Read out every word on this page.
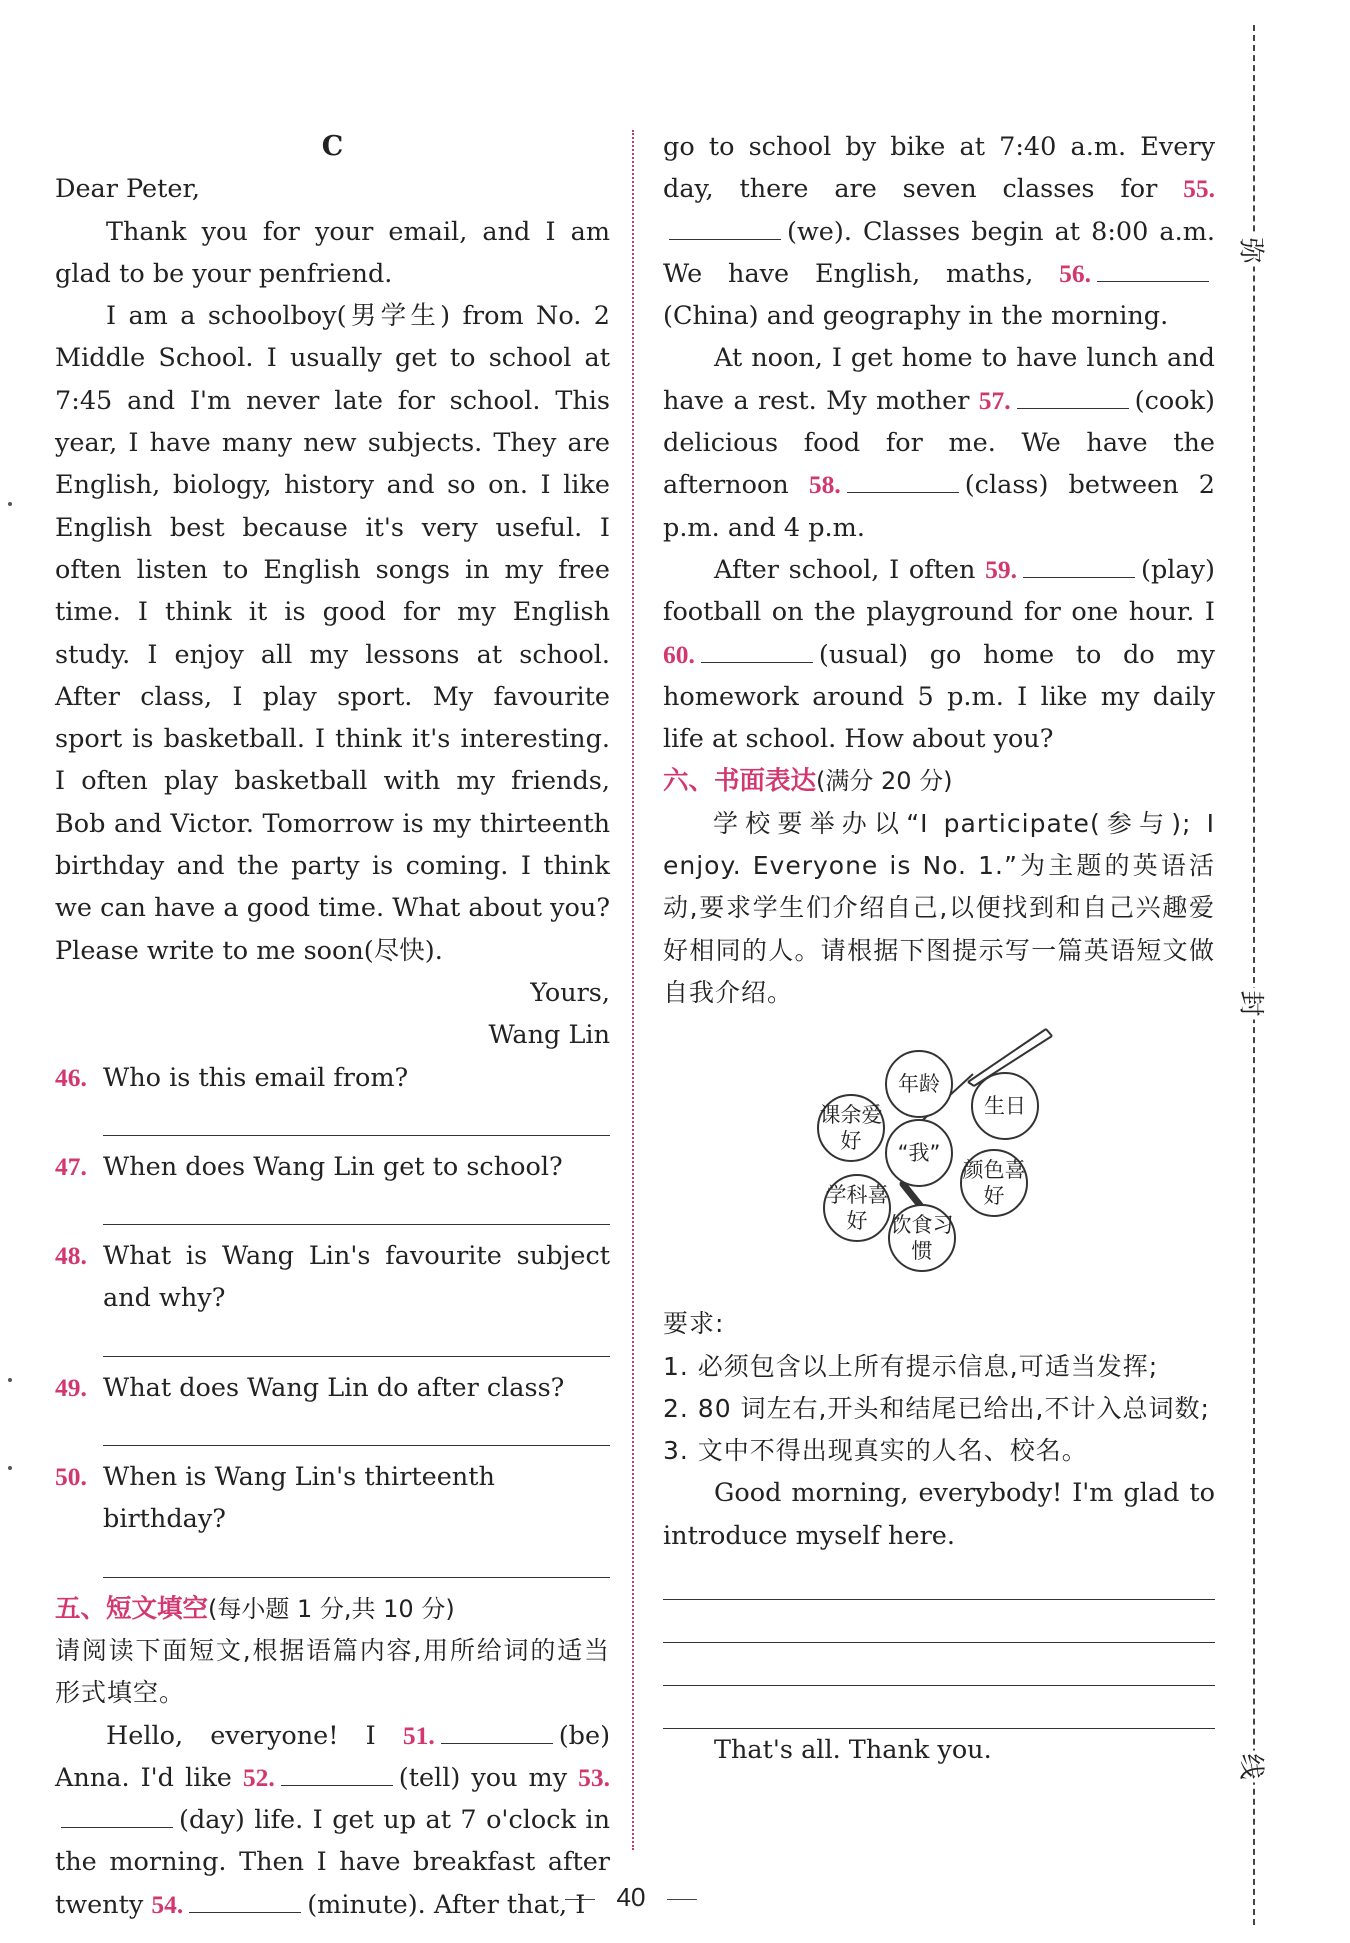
弥
封
线
C
Dear Peter,
Thank you for your email, and I am glad to be your penfriend.
I am a schoolboy(男学生) from No. 2 Middle School. I usually get to school at 7:45 and I'm never late for school. This year, I have many new subjects. They are English, biology, history and so on. I like English best because it's very useful. I often listen to English songs in my free time. I think it is good for my English study. I enjoy all my lessons at school. After class, I play sport. My favourite sport is basketball. I think it's interesting. I often play basketball with my friends, Bob and Victor. Tomorrow is my thirteenth birthday and the party is coming. I think we can have a good time. What about you? Please write to me soon(尽快).
Yours,
Wang Lin
46. Who is this email from?
47. When does Wang Lin get to school?
48. What is Wang Lin's favourite subject and why?
49. What does Wang Lin do after class?
50. When is Wang Lin's thirteenth birthday?
五、短文填空(每小题 1 分,共 10 分)
请阅读下面短文,根据语篇内容,用所给词的适当形式填空。
Hello, everyone! I 51.	(be) Anna. I'd like 52.	(tell) you my 53.(day) life. I get up at 7 o'clock in the morning. Then I have breakfast after twenty 54.	(minute). After that, I
go to school by bike at 7:40 a.m. Every day, there are seven classes for 55.(we). Classes begin at 8:00 a.m. We have English, maths, 56.(China) and geography in the morning.
At noon, I get home to have lunch and have a rest. My mother 57.	(cook) delicious food for me. We have the afternoon 58.	(class) between 2 p.m. and 4 p.m.
After school, I often 59.	(play) football on the playground for one hour. I 60.	(usual) go home to do my homework around 5 p.m. I like my daily life at school. How about you?
六、书面表达(满分 20 分)
学校要举办以“I participate(参与); I enjoy. Everyone is No. 1.”为主题的英语活动,要求学生们介绍自己,以便找到和自己兴趣爱好相同的人。请根据下图提示写一篇英语短文做自我介绍。
“我”
年龄
生日
课余爱好
颜色喜好
学科喜好	饮食习惯
要求:
1. 必须包含以上所有提示信息,可适当发挥;
2. 80 词左右,开头和结尾已给出,不计入总词数;
3. 文中不得出现真实的人名、校名。
Good morning, everybody! I'm glad to introduce myself here.
That's all. Thank you.
40
